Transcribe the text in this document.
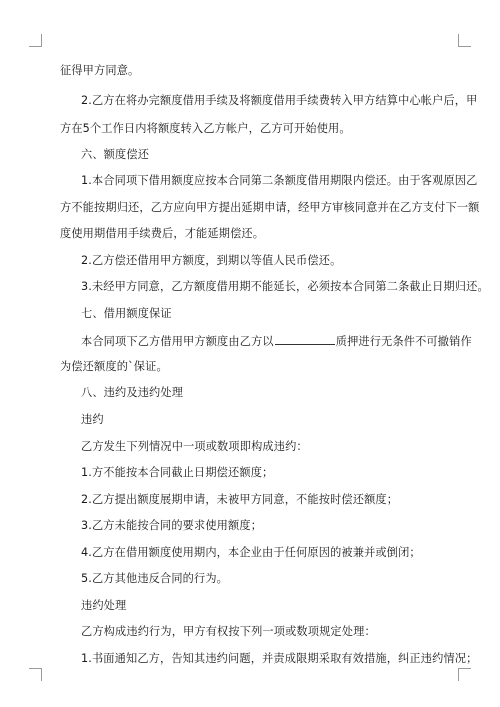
征得甲方同意。
2.乙方在将办完额度借用手续及将额度借用手续费转入甲方结算中心帐户后，甲
方在5个工作日内将额度转入乙方帐户，乙方可开始使用。
六、额度偿还
1.本合同项下借用额度应按本合同第二条额度借用期限内偿还。由于客观原因乙
方不能按期归还，乙方应向甲方提出延期申请，经甲方审核同意并在乙方支付下一额
度使用期借用手续费后，才能延期偿还。
2.乙方偿还借用甲方额度，到期以等值人民币偿还。
3.未经甲方同意，乙方额度借用期不能延长，必须按本合同第二条截止日期归还。
七、借用额度保证
本合同项下乙方借用甲方额度由乙方以	质押进行无条件不可撤销作
为偿还额度的`保证。
八、违约及违约处理
违约
乙方发生下列情况中一项或数项即构成违约：
1.方不能按本合同截止日期偿还额度；
2.乙方提出额度展期申请，未被甲方同意，不能按时偿还额度；
3.乙方未能按合同的要求使用额度；
4.乙方在借用额度使用期内，本企业由于任何原因的被兼并或倒闭；
5.乙方其他违反合同的行为。
违约处理
乙方构成违约行为，甲方有权按下列一项或数项规定处理：
1.书面通知乙方，告知其违约问题，并责成限期采取有效措施，纠正违约情况；
